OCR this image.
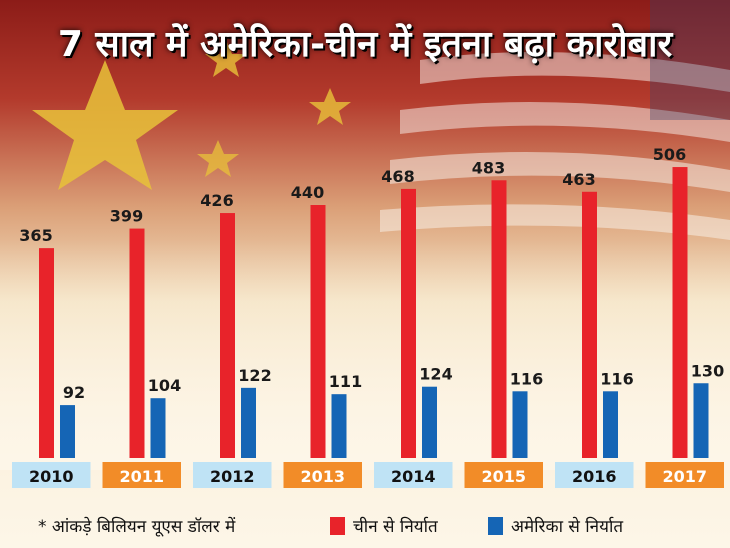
7 साल में अमेरिका-चीन में इतना बढ़ा कारोबार
2010
365
92
2011
399
104
2012
426
122
2013
440
111
2014
468
124
2015
483
116
2016
463
116
2017
506
130
* आंकड़े बिलियन यूएस डॉलर में	चीन से निर्यात	अमेरिका से निर्यात
